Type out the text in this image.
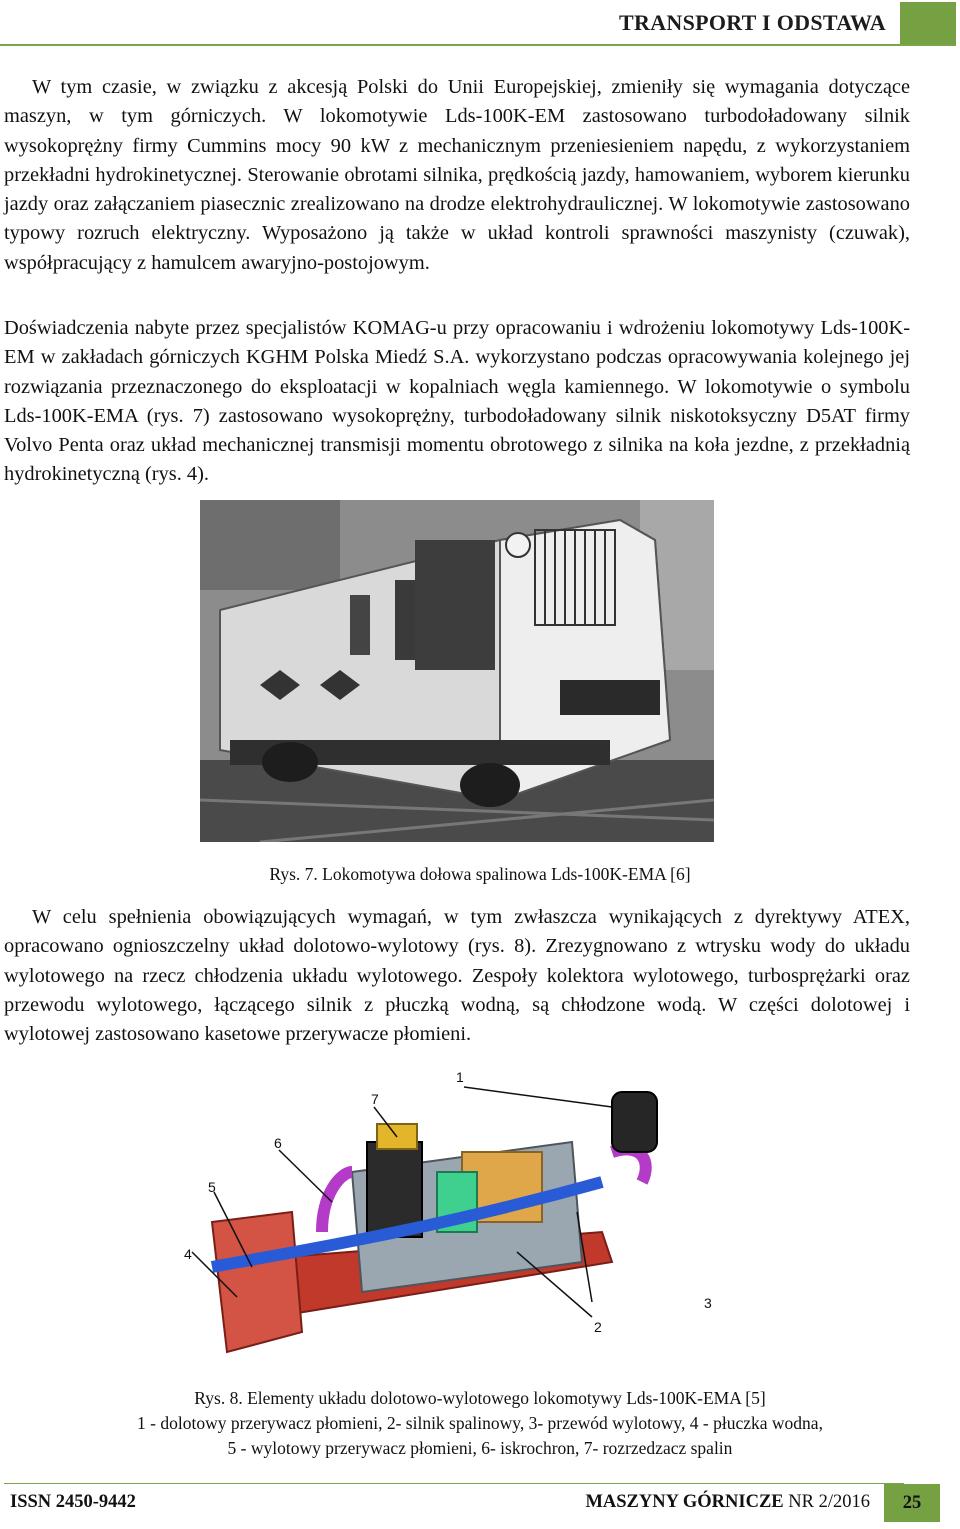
TRANSPORT I ODSTAWA

W tym czasie, w związku z akcesją Polski do Unii Europejskiej, zmieniły się wymagania dotyczące maszyn, w tym górniczych. W lokomotywie Lds-100K-EM zastosowano turbodoładowany silnik wysokoprężny firmy Cummins mocy 90 kW z mechanicznym przeniesieniem napędu, z wykorzystaniem przekładni hydrokinetycznej. Sterowanie obrotami silnika, prędkością jazdy, hamowaniem, wyborem kierunku jazdy oraz załączaniem piasecznic zrealizowano na drodze elektrohydraulicznej. W lokomotywie zastosowano typowy rozruch elektryczny. Wyposażono ją także w układ kontroli sprawności maszynisty (czuwak), współpracujący z hamulcem awaryjno-postojowym.

Doświadczenia nabyte przez specjalistów KOMAG-u przy opracowaniu i wdrożeniu lokomotywy Lds-100K-EM w zakładach górniczych KGHM Polska Miedź S.A. wykorzystano podczas opracowywania kolejnego jej rozwiązania przeznaczonego do eksploatacji w kopalniach węgla kamiennego. W lokomotywie o symbolu Lds-100K-EMA (rys. 7) zastosowano wysokoprężny, turbodoładowany silnik niskotoksyczny D5AT firmy Volvo Penta oraz układ mechanicznej transmisji momentu obrotowego z silnika na koła jezdne, z przekładnią hydrokinetyczną (rys. 4).

Rys. 7. Lokomotywa dołowa spalinowa Lds-100K-EMA [6]

W celu spełnienia obowiązujących wymagań, w tym zwłaszcza wynikających z dyrektywy ATEX, opracowano ognioszczelny układ dolotowo-wylotowy (rys. 8). Zrezygnowano z wtrysku wody do układu wylotowego na rzecz chłodzenia układu wylotowego. Zespoły kolektora wylotowego, turbosprężarki oraz przewodu wylotowego, łączącego silnik z płuczką wodną, są chłodzone wodą. W części dolotowej i wylotowej zastosowano kasetowe przerywacze płomieni.

1
2
3
4
5
6
7
Rys. 8. Elementy układu dolotowo-wylotowego lokomotywy Lds-100K-EMA [5]
1 - dolotowy przerywacz płomieni, 2- silnik spalinowy, 3- przewód wylotowy, 4 - płuczka wodna,
5 - wylotowy przerywacz płomieni, 6- iskrochron, 7- rozrzedzacz spalin
ISSN 2450-9442	MASZYNY GÓRNICZE NR 2/2016	25
